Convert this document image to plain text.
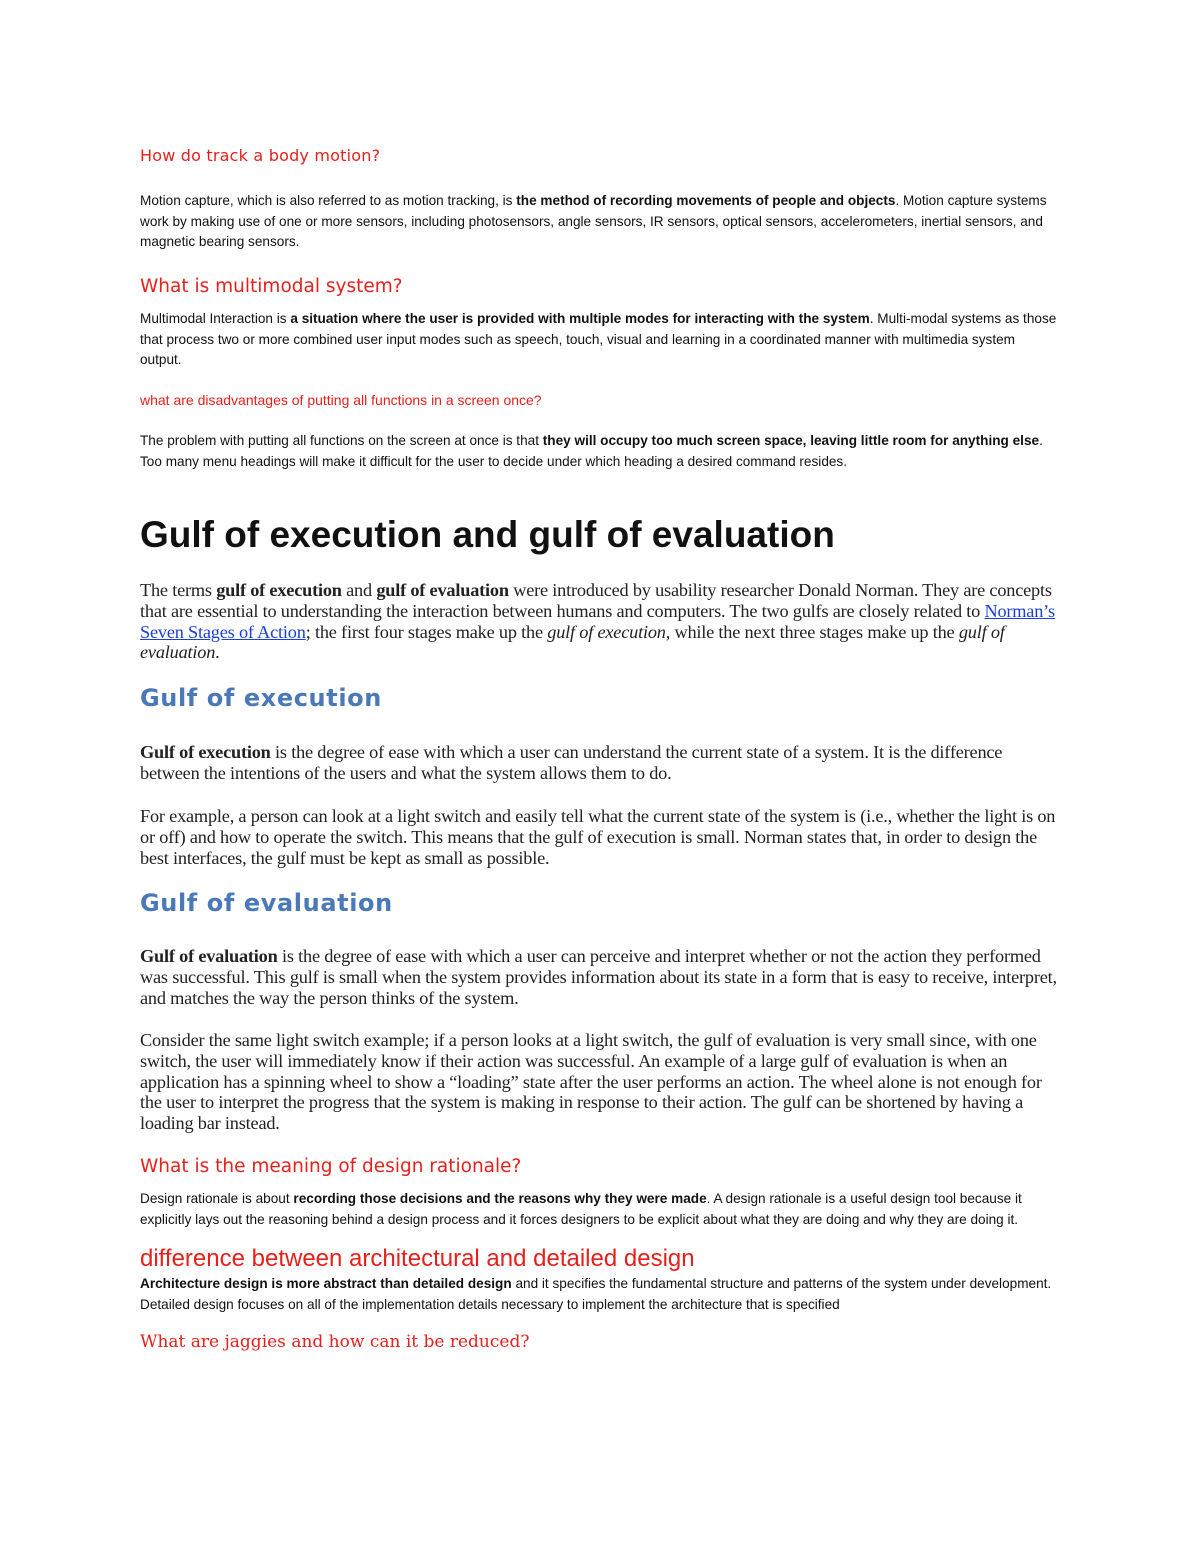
How do track a body motion?

Motion capture, which is also referred to as motion tracking, is the method of recording movements of people and objects. Motion capture systems work by making use of one or more sensors, including photosensors, angle sensors, IR sensors, optical sensors, accelerometers, inertial sensors, and magnetic bearing sensors.

What is multimodal system?

Multimodal Interaction is a situation where the user is provided with multiple modes for interacting with the system. Multi-modal systems as those that process two or more combined user input modes such as speech, touch, visual and learning in a coordinated manner with multimedia system output.

what are disadvantages of putting all functions in a screen once?

The problem with putting all functions on the screen at once is that they will occupy too much screen space, leaving little room for anything else. Too many menu headings will make it difficult for the user to decide under which heading a desired command resides.

Gulf of execution and gulf of evaluation

The terms gulf of execution and gulf of evaluation were introduced by usability researcher Donald Norman. They are concepts that are essential to understanding the interaction between humans and computers. The two gulfs are closely related to Norman’s Seven Stages of Action; the first four stages make up the gulf of execution, while the next three stages make up the gulf of evaluation.

Gulf of execution

Gulf of execution is the degree of ease with which a user can understand the current state of a system. It is the difference between the intentions of the users and what the system allows them to do.

For example, a person can look at a light switch and easily tell what the current state of the system is (i.e., whether the light is on or off) and how to operate the switch. This means that the gulf of execution is small. Norman states that, in order to design the best interfaces, the gulf must be kept as small as possible.

Gulf of evaluation

Gulf of evaluation is the degree of ease with which a user can perceive and interpret whether or not the action they performed was successful. This gulf is small when the system provides information about its state in a form that is easy to receive, interpret, and matches the way the person thinks of the system.

Consider the same light switch example; if a person looks at a light switch, the gulf of evaluation is very small since, with one switch, the user will immediately know if their action was successful. An example of a large gulf of evaluation is when an application has a spinning wheel to show a “loading” state after the user performs an action. The wheel alone is not enough for the user to interpret the progress that the system is making in response to their action. The gulf can be shortened by having a loading bar instead.

What is the meaning of design rationale?

Design rationale is about recording those decisions and the reasons why they were made. A design rationale is a useful design tool because it explicitly lays out the reasoning behind a design process and it forces designers to be explicit about what they are doing and why they are doing it.

difference between architectural and detailed design

Architecture design is more abstract than detailed design and it specifies the fundamental structure and patterns of the system under development. Detailed design focuses on all of the implementation details necessary to implement the architecture that is specified

What are jaggies and how can it be reduced?
